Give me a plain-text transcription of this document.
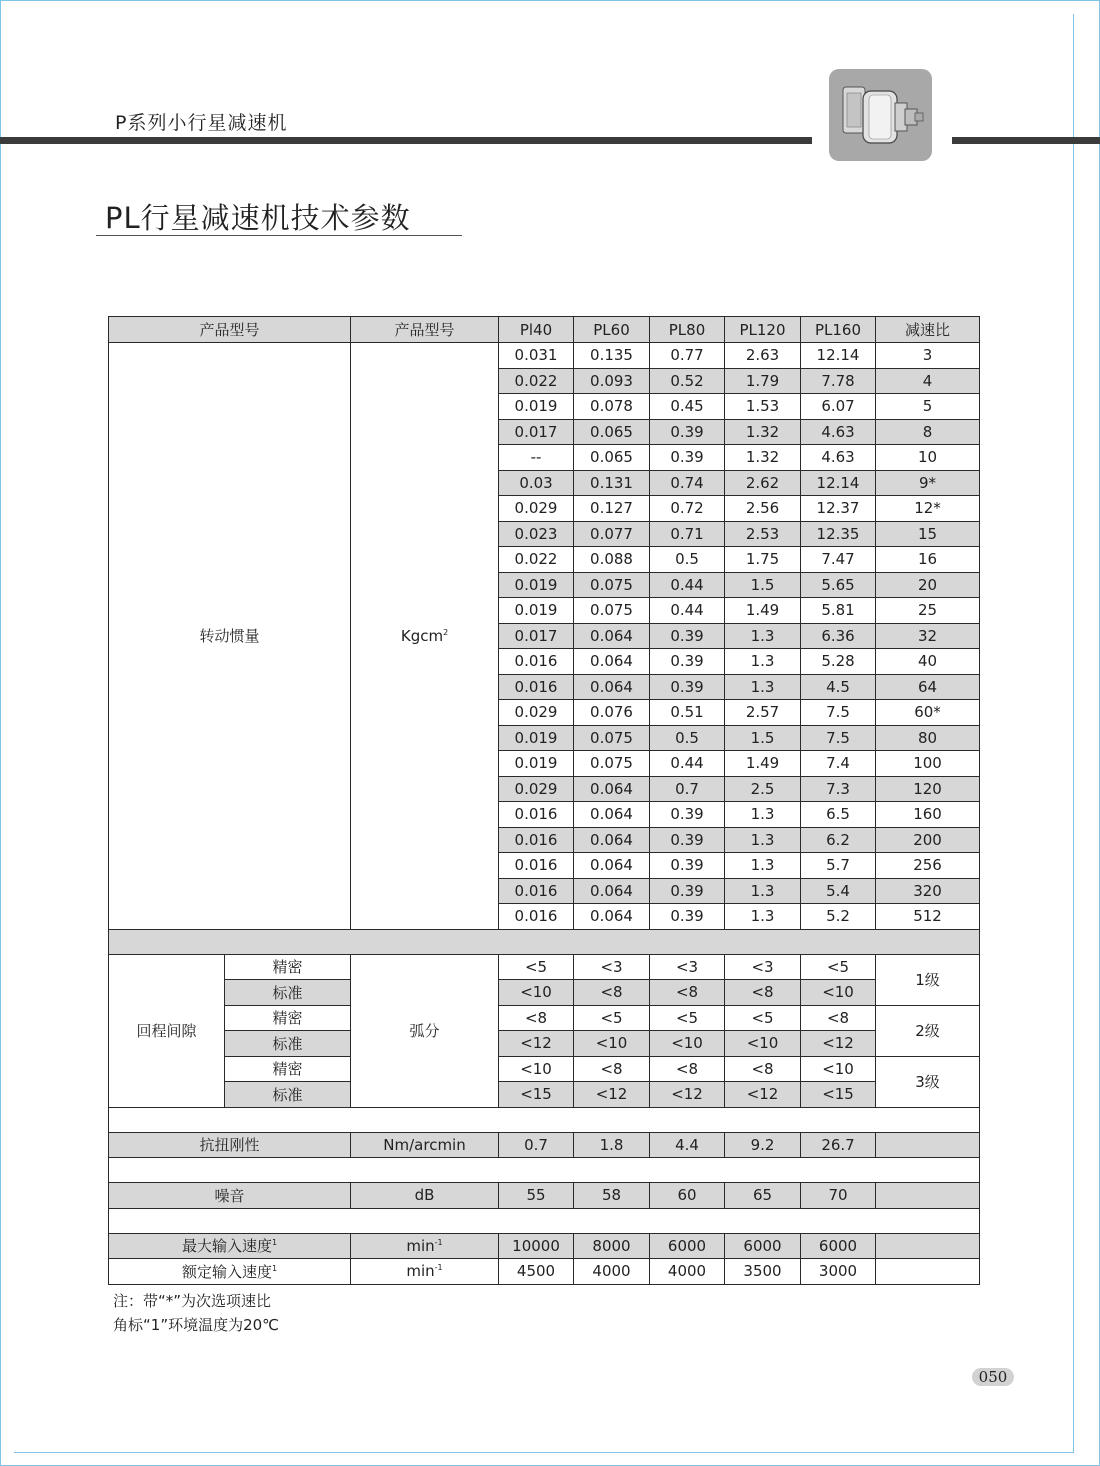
P系列小行星减速机
PL行星减速机技术参数
产品型号		产品型号	Pl40	PL60	PL80	PL120	PL160	减速比
转动惯量		Kgcm$^2$	0.031	0.135	0.77	2.63	12.14	3
			0.022	0.093	0.52	1.79	7.78	4
			0.019	0.078	0.45	1.53	6.07	5
			0.017	0.065	0.39	1.32	4.63	8
			--	0.065	0.39	1.32	4.63	10
			0.03	0.131	0.74	2.62	12.14	9*
			0.029	0.127	0.72	2.56	12.37	12*
			0.023	0.077	0.71	2.53	12.35	15
			0.022	0.088	0.5	1.75	7.47	16
			0.019	0.075	0.44	1.5	5.65	20
			0.019	0.075	0.44	1.49	5.81	25
			0.017	0.064	0.39	1.3	6.36	32
			0.016	0.064	0.39	1.3	5.28	40
			0.016	0.064	0.39	1.3	4.5	64
			0.029	0.076	0.51	2.57	7.5	60*
			0.019	0.075	0.5	1.5	7.5	80
			0.019	0.075	0.44	1.49	7.4	100
			0.029	0.064	0.7	2.5	7.3	120
			0.016	0.064	0.39	1.3	6.5	160
			0.016	0.064	0.39	1.3	6.2	200
			0.016	0.064	0.39	1.3	5.7	256
			0.016	0.064	0.39	1.3	5.4	320
			0.016	0.064	0.39	1.3	5.2	512

回程间隙	精密	弧分	<5	<3	<3	<3	<5	1级
	标准		<10	<8	<8	<8	<10	
	精密		<8	<5	<5	<5	<8	2级
	标准		<12	<10	<10	<10	<12	
	精密		<10	<8	<8	<8	<10	3级
	标准		<15	<12	<12	<12	<15	

抗扭刚性		Nm/arcmin	0.7	1.8	4.4	9.2	26.7	

噪音		dB	55	58	60	65	70	

最大输入速度$^1$		$\min^{-1}$	10000	8000	6000	6000	6000	
额定输入速度$^1$		$\min^{-1}$	4500	4000	4000	3500	3000	
注：带“*”为次选项速比
角标“1”环境温度为20℃
050
